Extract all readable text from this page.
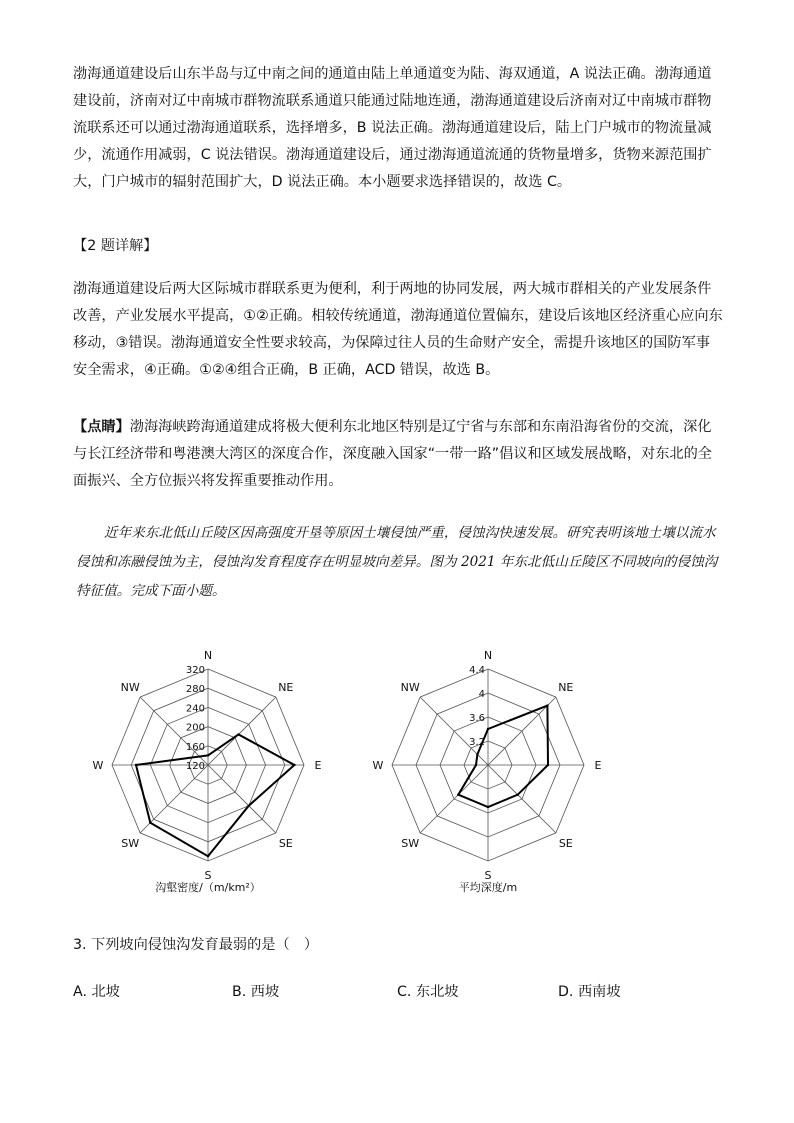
渤海通道建设后山东半岛与辽中南之间的通道由陆上单通道变为陆、海双通道，A 说法正确。渤海通道建设前，济南对辽中南城市群物流联系通道只能通过陆地连通，渤海通道建设后济南对辽中南城市群物流联系还可以通过渤海通道联系，选择增多，B 说法正确。渤海通道建设后，陆上门户城市的物流量减少，流通作用减弱，C 说法错误。渤海通道建设后，通过渤海通道流通的货物量增多，货物来源范围扩大，门户城市的辐射范围扩大，D 说法正确。本小题要求选择错误的，故选 C。
【2 题详解】
渤海通道建设后两大区际城市群联系更为便利，利于两地的协同发展，两大城市群相关的产业发展条件改善，产业发展水平提高，①②正确。相较传统通道，渤海通道位置偏东，建设后该地区经济重心应向东移动，③错误。渤海通道安全性要求较高，为保障过往人员的生命财产安全，需提升该地区的国防军事安全需求，④正确。①②④组合正确，B 正确，ACD 错误，故选 B。
【点睛】渤海海峡跨海通道建成将极大便利东北地区特别是辽宁省与东部和东南沿海省份的交流，深化与长江经济带和粤港澳大湾区的深度合作，深度融入国家“一带一路”倡议和区域发展战略，对东北的全面振兴、全方位振兴将发挥重要推动作用。
近年来东北低山丘陵区因高强度开垦等原因土壤侵蚀严重，侵蚀沟快速发展。研究表明该地土壤以流水侵蚀和冻融侵蚀为主，侵蚀沟发育程度存在明显坡向差异。图为 2021 年东北低山丘陵区不同坡向的侵蚀沟特征值。完成下面小题。
120
160
200
240
280
320
N
NE
E
SE
S
SW
W
NW
沟壑密度/（m/km²）
3.2
3.6
4
4.4
N
NE
E
SE
S
SW
W
NW
平均深度/m
3. 下列坡向侵蚀沟发育最弱的是（　）
A. 北坡	B. 西坡	C. 东北坡	D. 西南坡
